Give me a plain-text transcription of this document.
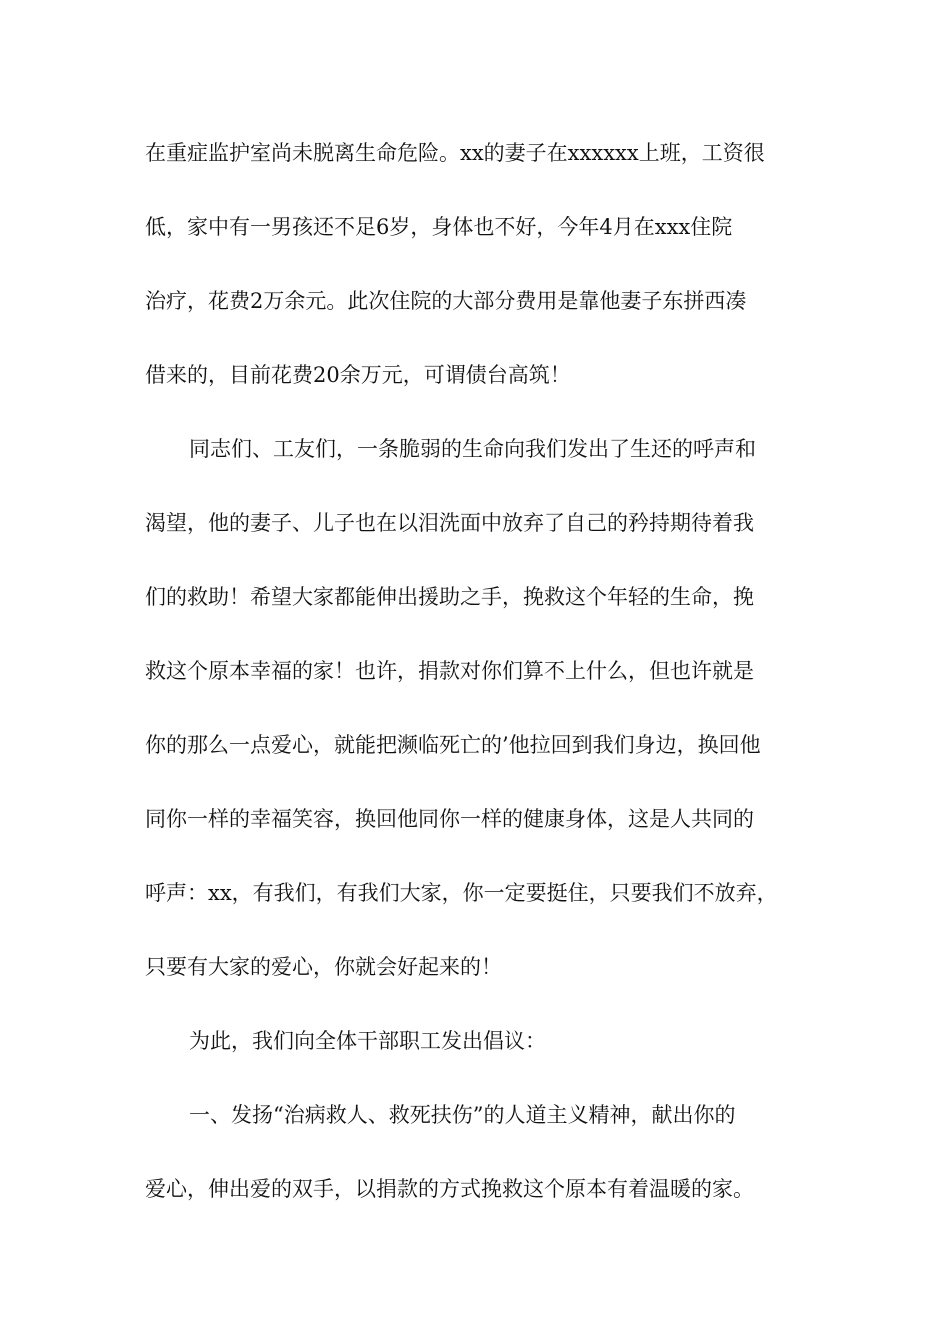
在重症监护室尚未脱离生命危险。xx的妻子在xxxxxx上班，工资很
低，家中有一男孩还不足6岁，身体也不好，今年4月在xxx住院
治疗，花费2万余元。此次住院的大部分费用是靠他妻子东拼西凑
借来的，目前花费20余万元，可谓债台高筑！
同志们、工友们，一条脆弱的生命向我们发出了生还的呼声和
渴望，他的妻子、儿子也在以泪洗面中放弃了自己的矜持期待着我
们的救助！希望大家都能伸出援助之手，挽救这个年轻的生命，挽
救这个原本幸福的家！也许，捐款对你们算不上什么，但也许就是
你的那么一点爱心，就能把濒临死亡的’他拉回到我们身边，换回他
同你一样的幸福笑容，换回他同你一样的健康身体，这是人共同的
呼声：xx，有我们，有我们大家，你一定要挺住，只要我们不放弃，
只要有大家的爱心，你就会好起来的！
为此，我们向全体干部职工发出倡议：
一、发扬“治病救人、救死扶伤”的人道主义精神，献出你的
爱心，伸出爱的双手，以捐款的方式挽救这个原本有着温暖的家。
